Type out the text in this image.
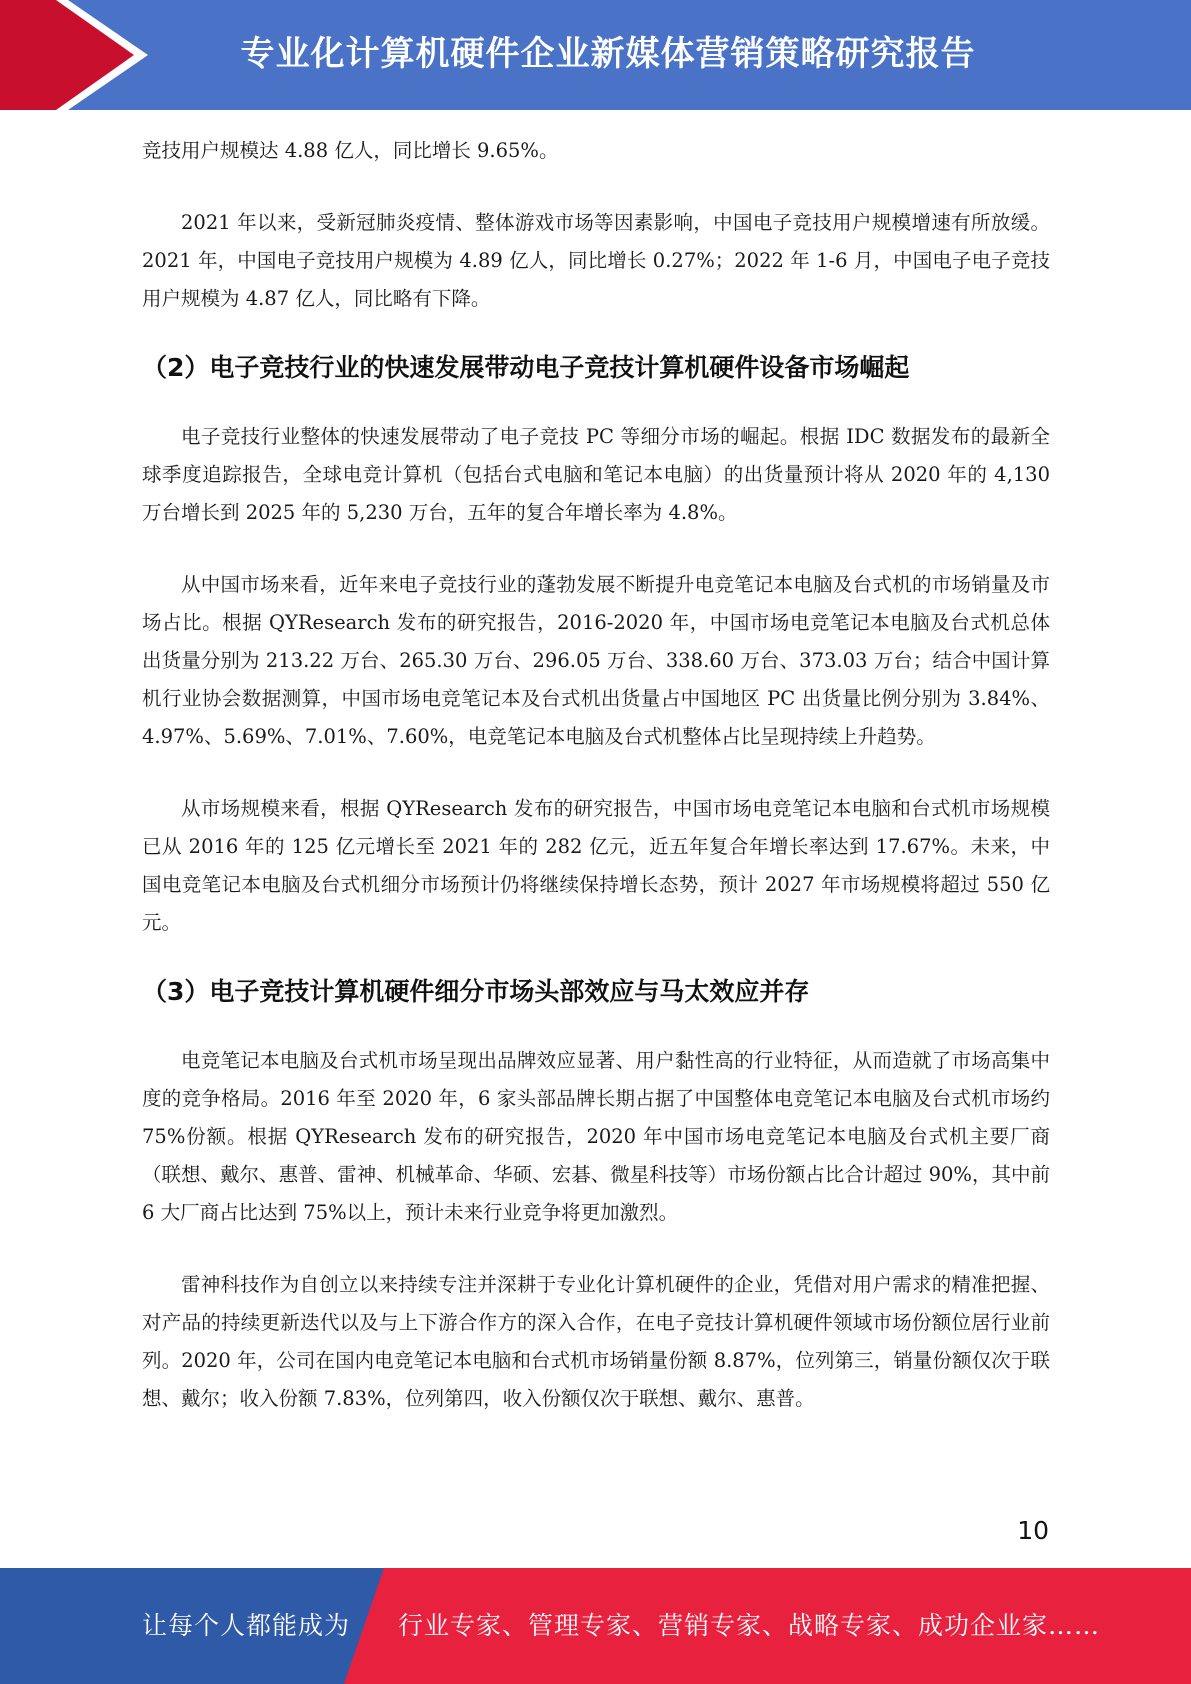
专业化计算机硬件企业新媒体营销策略研究报告

竞技用户规模达 4.88 亿人，同比增长 9.65%。

2021 年以来，受新冠肺炎疫情、整体游戏市场等因素影响，中国电子竞技用户规模增速有所放缓。2021 年，中国电子竞技用户规模为 4.89 亿人，同比增长 0.27%；2022 年 1-6 月，中国电子电子竞技用户规模为 4.87 亿人，同比略有下降。

（2）电子竞技行业的快速发展带动电子竞技计算机硬件设备市场崛起

电子竞技行业整体的快速发展带动了电子竞技 PC 等细分市场的崛起。根据 IDC 数据发布的最新全球季度追踪报告，全球电竞计算机（包括台式电脑和笔记本电脑）的出货量预计将从 2020 年的 4,130 万台增长到 2025 年的 5,230 万台，五年的复合年增长率为 4.8%。

从中国市场来看，近年来电子竞技行业的蓬勃发展不断提升电竞笔记本电脑及台式机的市场销量及市场占比。根据 QYResearch 发布的研究报告，2016-2020 年，中国市场电竞笔记本电脑及台式机总体出货量分别为 213.22 万台、265.30 万台、296.05 万台、338.60 万台、373.03 万台；结合中国计算机行业协会数据测算，中国市场电竞笔记本及台式机出货量占中国地区 PC 出货量比例分别为 3.84%、4.97%、5.69%、7.01%、7.60%，电竞笔记本电脑及台式机整体占比呈现持续上升趋势。

从市场规模来看，根据 QYResearch 发布的研究报告，中国市场电竞笔记本电脑和台式机市场规模已从 2016 年的 125 亿元增长至 2021 年的 282 亿元，近五年复合年增长率达到 17.67%。未来，中国电竞笔记本电脑及台式机细分市场预计仍将继续保持增长态势，预计 2027 年市场规模将超过 550 亿元。

（3）电子竞技计算机硬件细分市场头部效应与马太效应并存

电竞笔记本电脑及台式机市场呈现出品牌效应显著、用户黏性高的行业特征，从而造就了市场高集中度的竞争格局。2016 年至 2020 年，6 家头部品牌长期占据了中国整体电竞笔记本电脑及台式机市场约 75%份额。根据 QYResearch 发布的研究报告，2020 年中国市场电竞笔记本电脑及台式机主要厂商（联想、戴尔、惠普、雷神、机械革命、华硕、宏碁、微星科技等）市场份额占比合计超过 90%，其中前 6 大厂商占比达到 75%以上，预计未来行业竞争将更加激烈。

雷神科技作为自创立以来持续专注并深耕于专业化计算机硬件的企业，凭借对用户需求的精准把握、对产品的持续更新迭代以及与上下游合作方的深入合作，在电子竞技计算机硬件领域市场份额位居行业前列。2020 年，公司在国内电竞笔记本电脑和台式机市场销量份额 8.87%，位列第三，销量份额仅次于联想、戴尔；收入份额 7.83%，位列第四，收入份额仅次于联想、戴尔、惠普。

10
让每个人都能成为 行业专家、管理专家、营销专家、战略专家、成功企业家……
